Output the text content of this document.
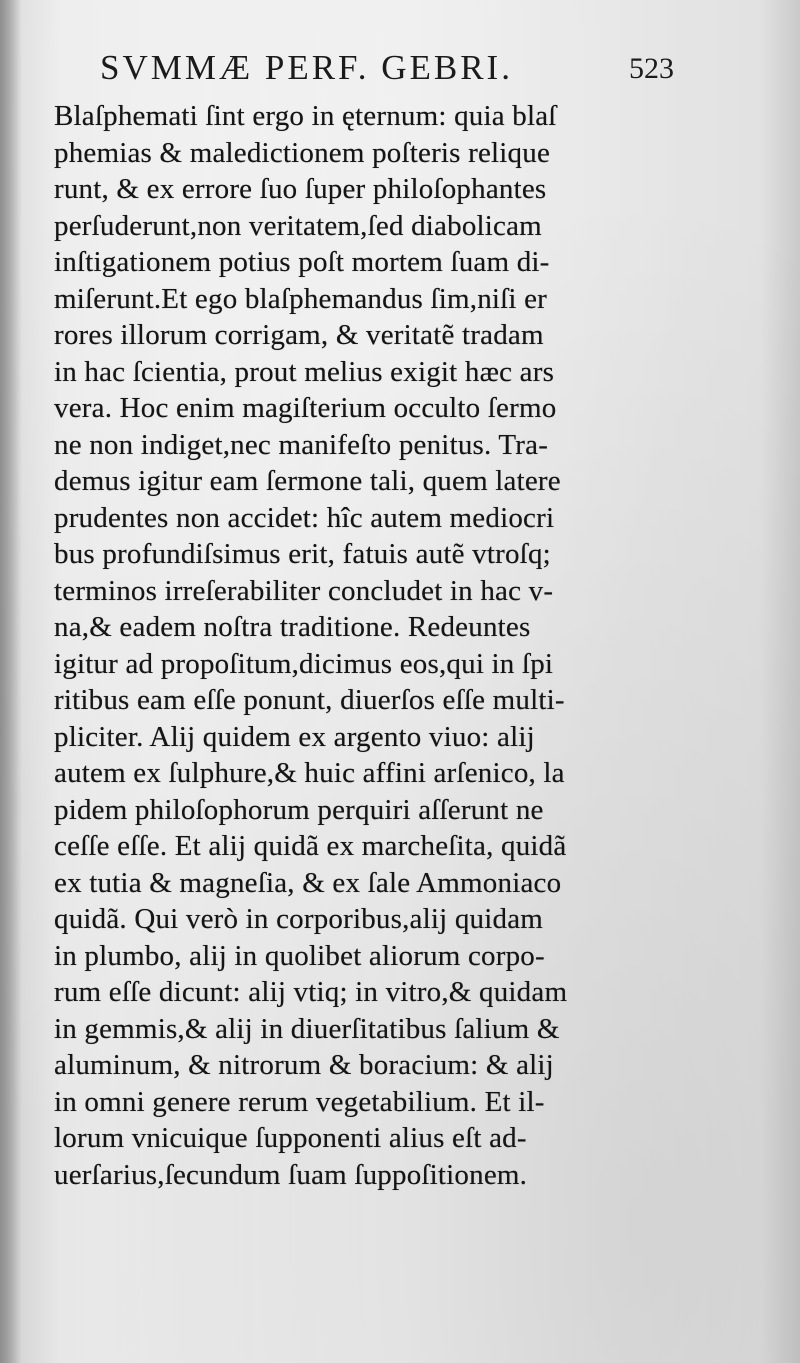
SVMMÆ PERF. GEBRI.	523
Blaſphemati ſint ergo in ęternum: quia blaſ
phemias & maledictionem poſteris relique
runt, & ex errore ſuo ſuper philoſophantes
perſuderunt,non veritatem,ſed diabolicam
inſtigationem potius poſt mortem ſuam di-
miſerunt.Et ego blaſphemandus ſim,niſi er
rores illorum corrigam, & veritatẽ tradam
in hac ſcientia, prout melius exigit hæc ars
vera. Hoc enim magiſterium occulto ſermo
ne non indiget,nec manifeſto penitus. Tra-
demus igitur eam ſermone tali, quem latere
prudentes non accidet: hîc autem mediocri
bus profundiſsimus erit, fatuis autẽ vtroſq;
terminos irreſerabiliter concludet in hac v-
na,& eadem noſtra traditione. Redeuntes
igitur ad propoſitum,dicimus eos,qui in ſpi
ritibus eam eſſe ponunt, diuerſos eſſe multi-
pliciter. Alij quidem ex argento viuo: alij
autem ex ſulphure,& huic affini arſenico, la
pidem philoſophorum perquiri aſſerunt ne
ceſſe eſſe. Et alij quidã ex marcheſita, quidã
ex tutia & magneſia, & ex ſale Ammoniaco
quidã. Qui verò in corporibus,alij quidam
in plumbo, alij in quolibet aliorum corpo-
rum eſſe dicunt: alij vtiq; in vitro,& quidam
in gemmis,& alij in diuerſitatibus ſalium &
aluminum, & nitrorum & boracium: & alij
in omni genere rerum vegetabilium. Et il-
lorum vnicuique ſupponenti alius eſt ad-
uerſarius,ſecundum ſuam ſuppoſitionem.
